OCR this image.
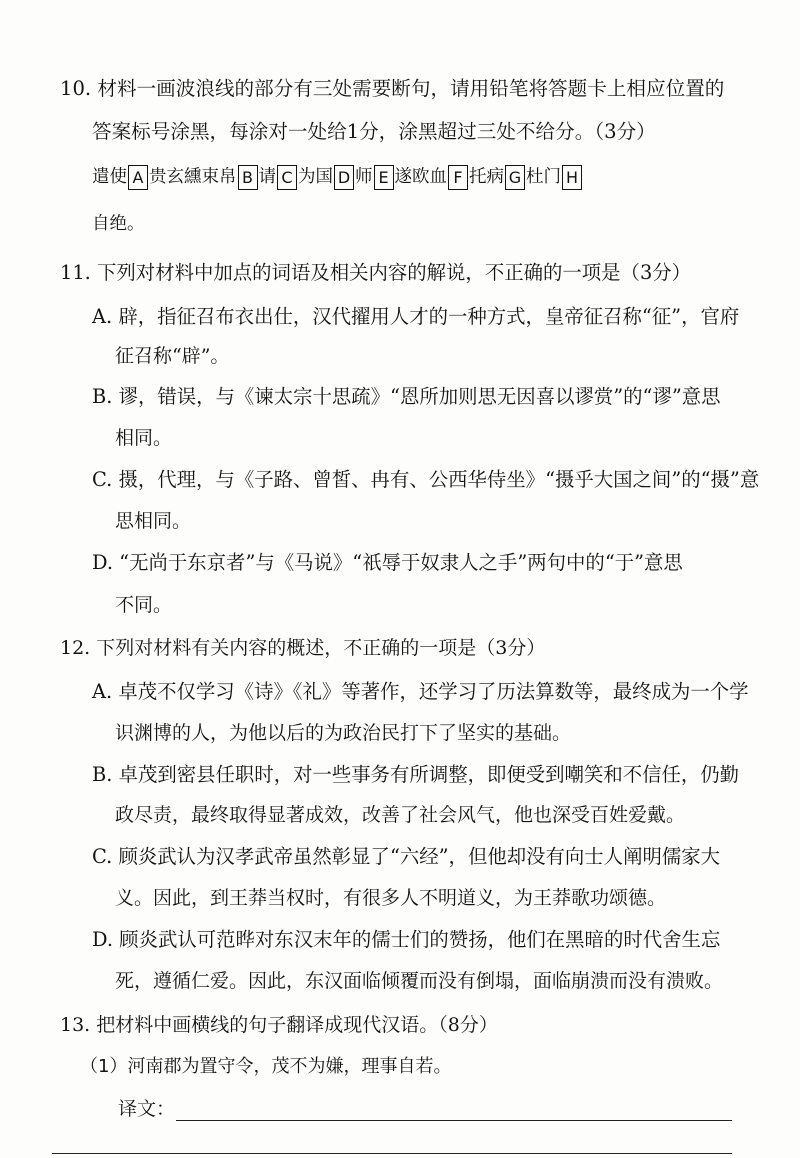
10. 材料一画波浪线的部分有三处需要断句，请用铅笔将答题卡上相应位置的
答案标号涂黑，每涂对一处给1分，涂黑超过三处不给分。（3分）
遣使 A 贵玄纁束帛 B 请 C 为国 D 师 E 遂欧血 F 托病 G 杜门 H
自绝。
11. 下列对材料中加点的词语及相关内容的解说，不正确的一项是（3分）
A. 辟，指征召布衣出仕，汉代擢用人才的一种方式，皇帝征召称“征”，官府
征召称“辟”。
B. 谬，错误，与《谏太宗十思疏》“恩所加则思无因喜以谬赏”的“谬”意思
相同。
C. 摄，代理，与《子路、曾皙、冉有、公西华侍坐》“摄乎大国之间”的“摄”意
思相同。
D. “无尚于东京者”与《马说》“祇辱于奴隶人之手”两句中的“于”意思
不同。
12. 下列对材料有关内容的概述，不正确的一项是（3分）
A. 卓茂不仅学习《诗》《礼》等著作，还学习了历法算数等，最终成为一个学
识渊博的人，为他以后的为政治民打下了坚实的基础。
B. 卓茂到密县任职时，对一些事务有所调整，即便受到嘲笑和不信任，仍勤
政尽责，最终取得显著成效，改善了社会风气，他也深受百姓爱戴。
C. 顾炎武认为汉孝武帝虽然彰显了“六经”，但他却没有向士人阐明儒家大
义。因此，到王莽当权时，有很多人不明道义，为王莽歌功颂德。
D. 顾炎武认可范晔对东汉末年的儒士们的赞扬，他们在黑暗的时代舍生忘
死，遵循仁爱。因此，东汉面临倾覆而没有倒塌，面临崩溃而没有溃败。
13. 把材料中画横线的句子翻译成现代汉语。（8分）
（1）河南郡为置守令，茂不为嫌，理事自若。
译文：
